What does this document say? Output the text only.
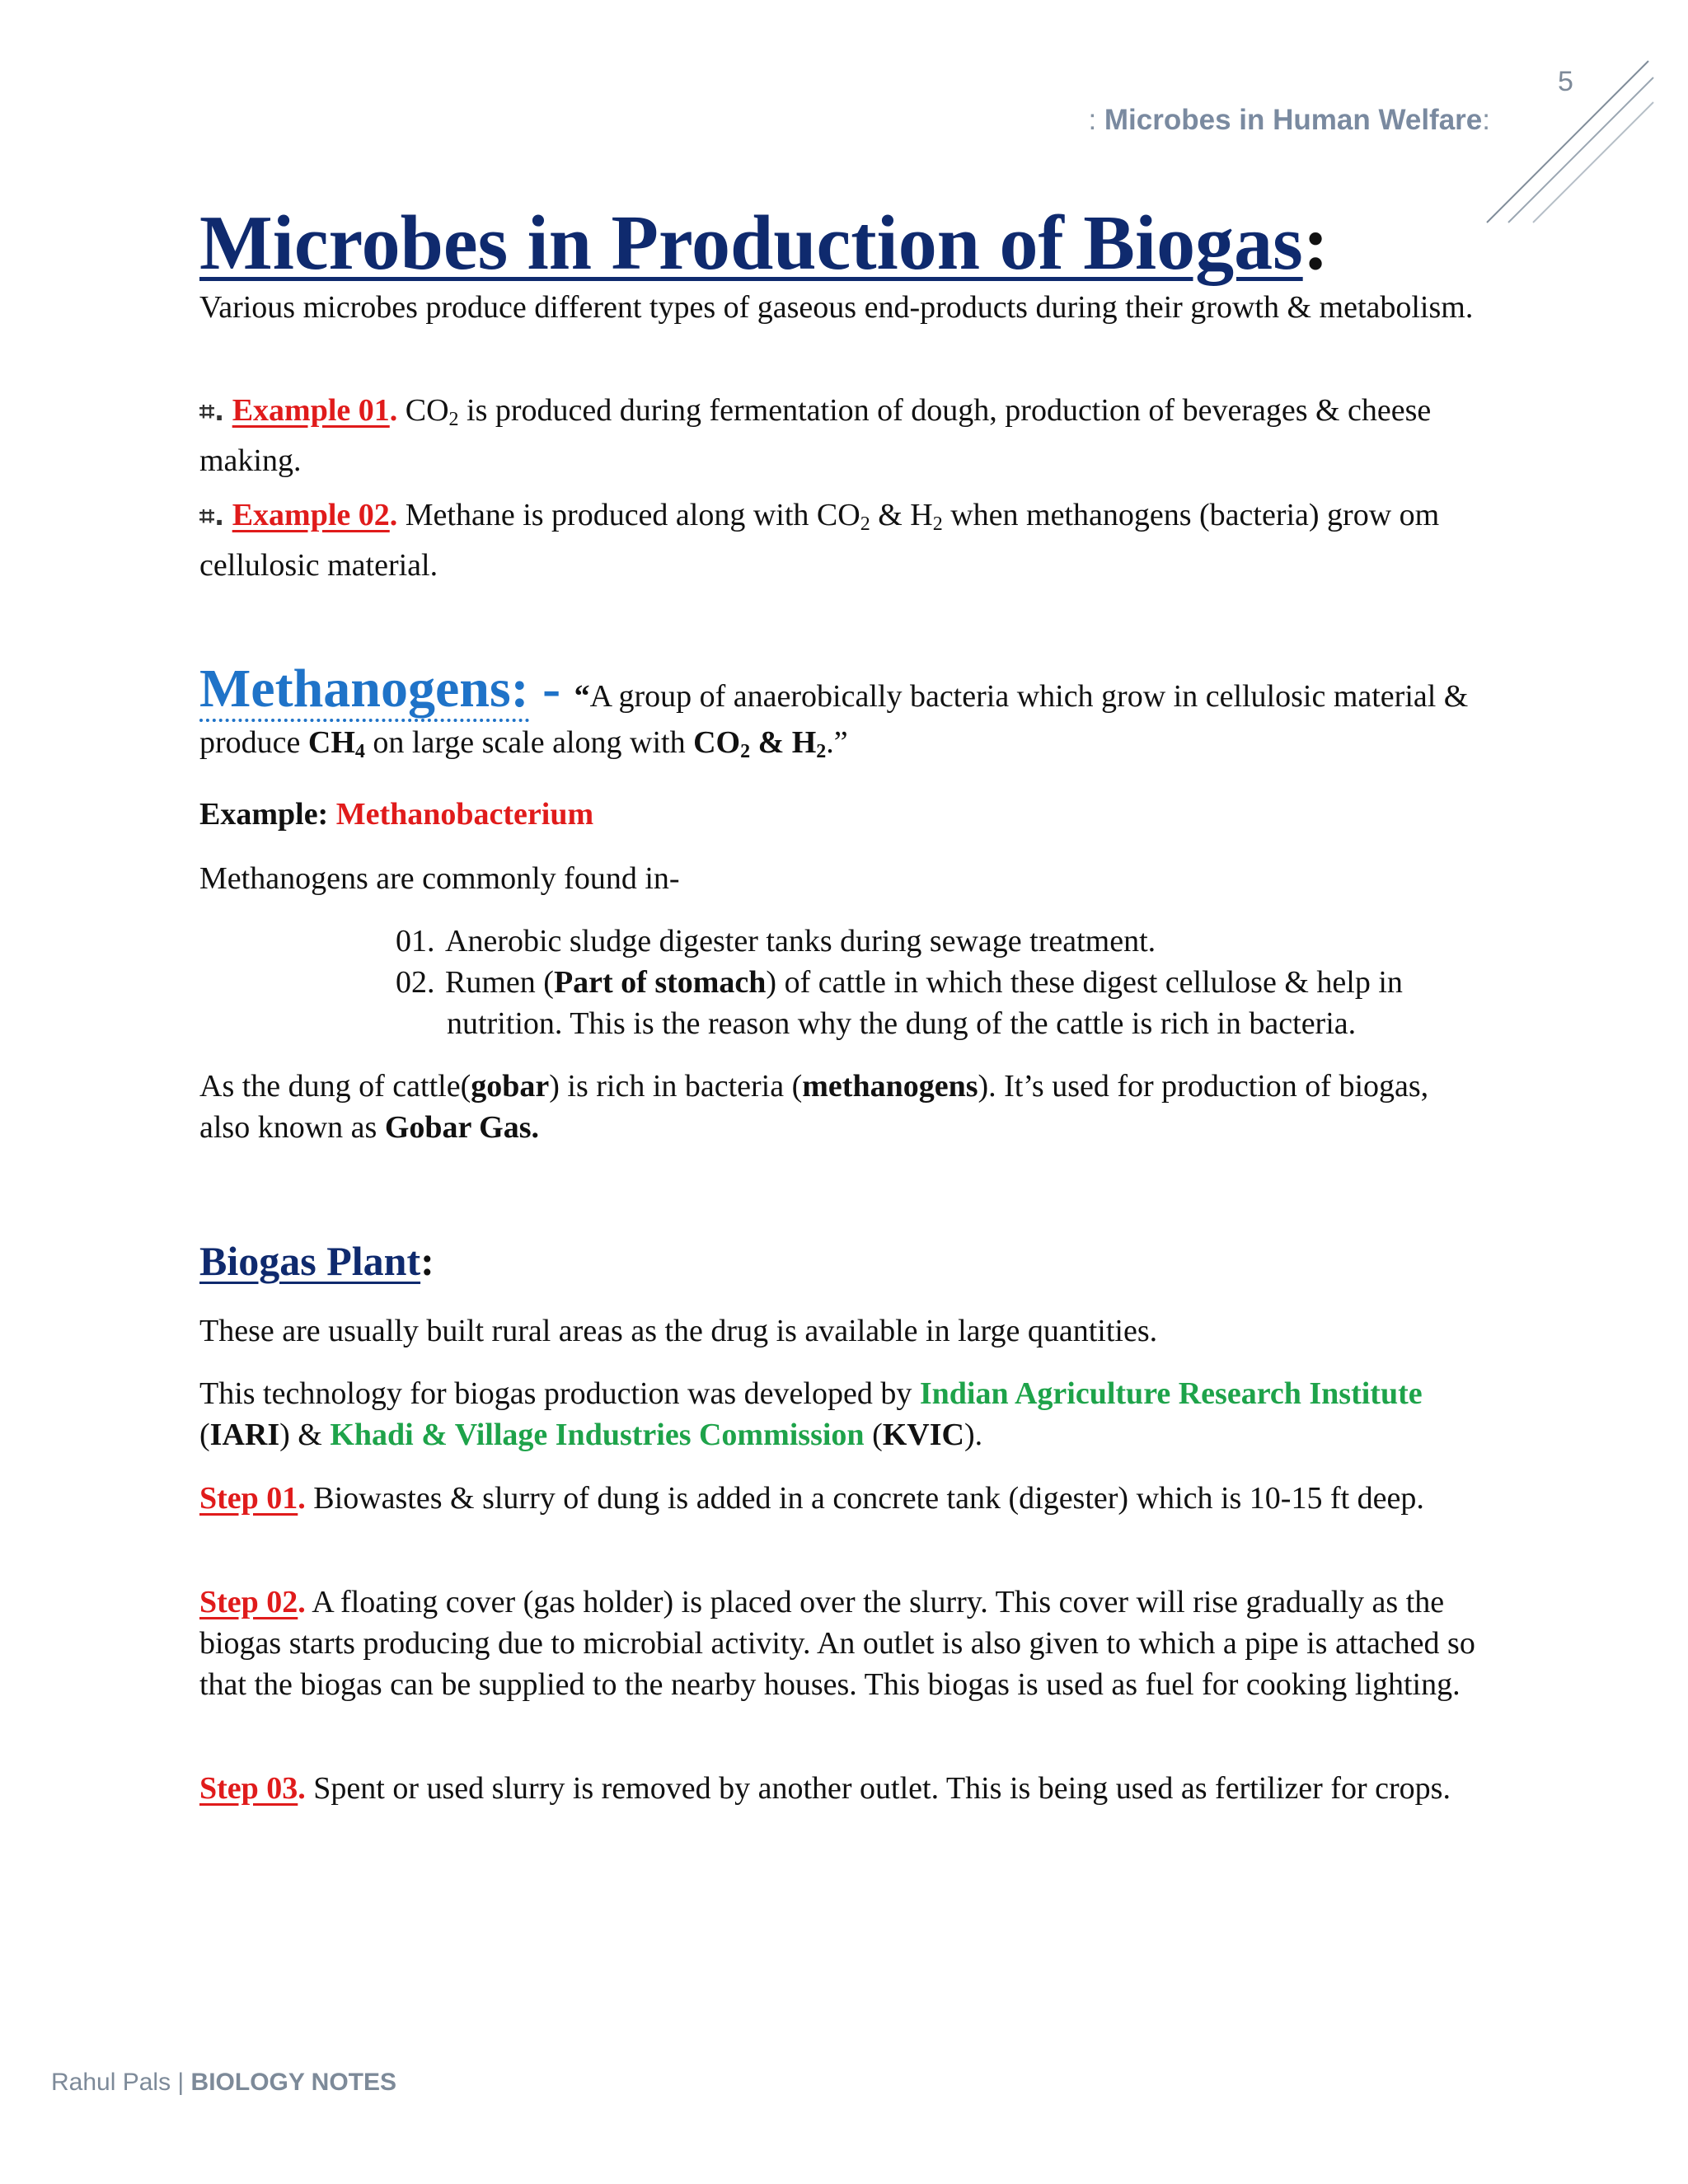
5
: Microbes in Human Welfare:
Microbes in Production of Biogas:

Various microbes produce different types of gaseous end-products during their growth & metabolism.

⌗. Example 01. $CO_2$ is produced during fermentation of dough, production of beverages & cheese making.

⌗. Example 02. Methane is produced along with $CO_2$ & $H_2$ when methanogens (bacteria) grow om cellulosic material.

Methanogens: - “A group of anaerobically bacteria which grow in cellulosic material & produce $CH_4$ on large scale along with $CO_2$ & $H_2$.”

Example: Methanobacterium

Methanogens are commonly found in-

01. Anerobic sludge digester tanks during sewage treatment.
02. Rumen (Part of stomach) of cattle in which these digest cellulose & help in
nutrition. This is the reason why the dung of the cattle is rich in bacteria.

As the dung of cattle(gobar) is rich in bacteria (methanogens). It’s used for production of biogas, also known as Gobar Gas.

Biogas Plant:

These are usually built rural areas as the drug is available in large quantities.

This technology for biogas production was developed by Indian Agriculture Research Institute (IARI) & Khadi & Village Industries Commission (KVIC).

Step 01. Biowastes & slurry of dung is added in a concrete tank (digester) which is 10-15 ft deep.

Step 02. A floating cover (gas holder) is placed over the slurry. This cover will rise gradually as the biogas starts producing due to microbial activity. An outlet is also given to which a pipe is attached so that the biogas can be supplied to the nearby houses. This biogas is used as fuel for cooking lighting.

Step 03. Spent or used slurry is removed by another outlet. This is being used as fertilizer for crops.

Rahul Pals | BIOLOGY NOTES
